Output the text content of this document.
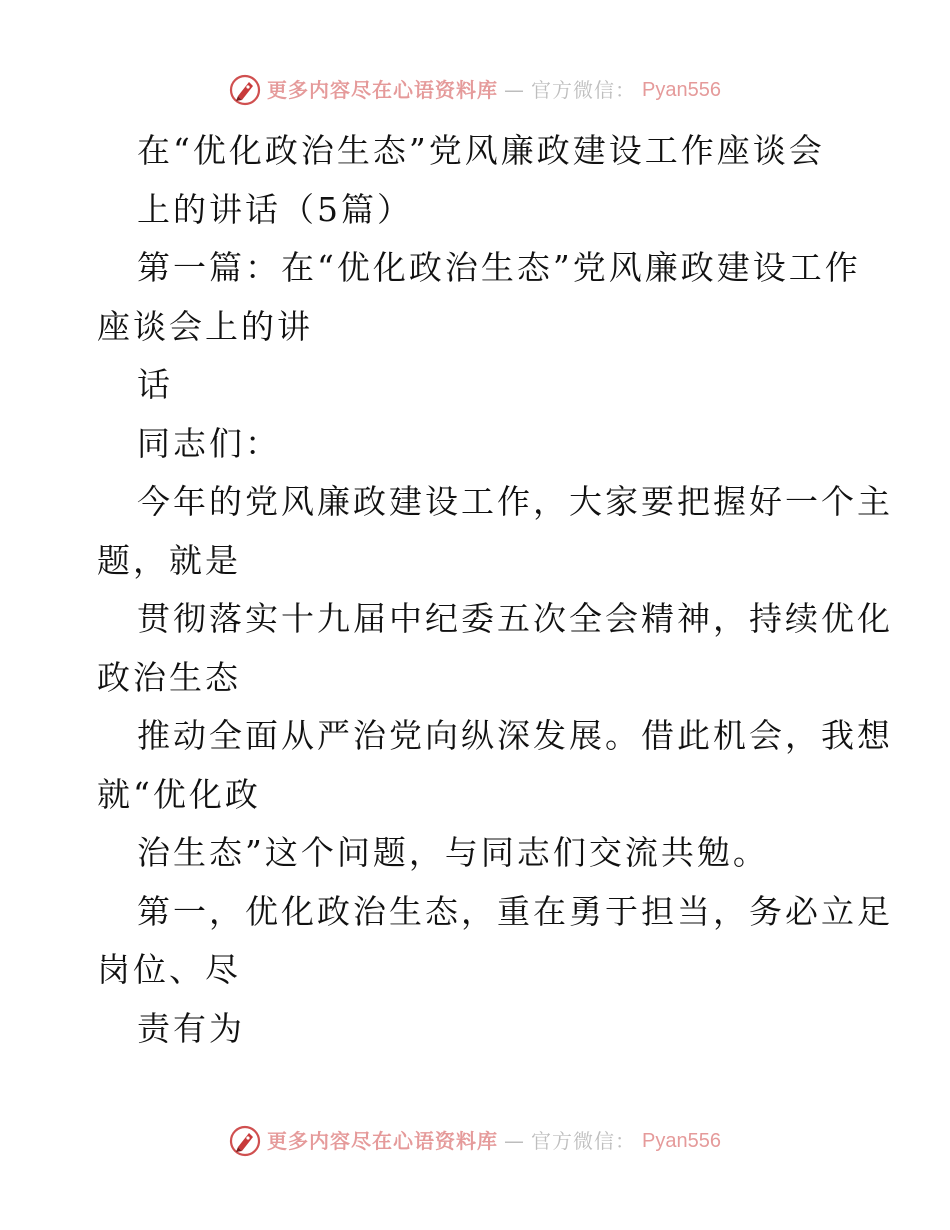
更多内容尽在心语资料库 — 官方微信： Pyan556
在“优化政治生态”党风廉政建设工作座谈会
上的讲话（5篇）
第一篇：在“优化政治生态”党风廉政建设工作
座谈会上的讲
话
同志们：
今年的党风廉政建设工作，大家要把握好一个主
题，就是
贯彻落实十九届中纪委五次全会精神，持续优化
政治生态
推动全面从严治党向纵深发展。借此机会，我想
就“优化政
治生态”这个问题，与同志们交流共勉。
第一，优化政治生态，重在勇于担当，务必立足
岗位、尽
责有为
更多内容尽在心语资料库 — 官方微信： Pyan556
